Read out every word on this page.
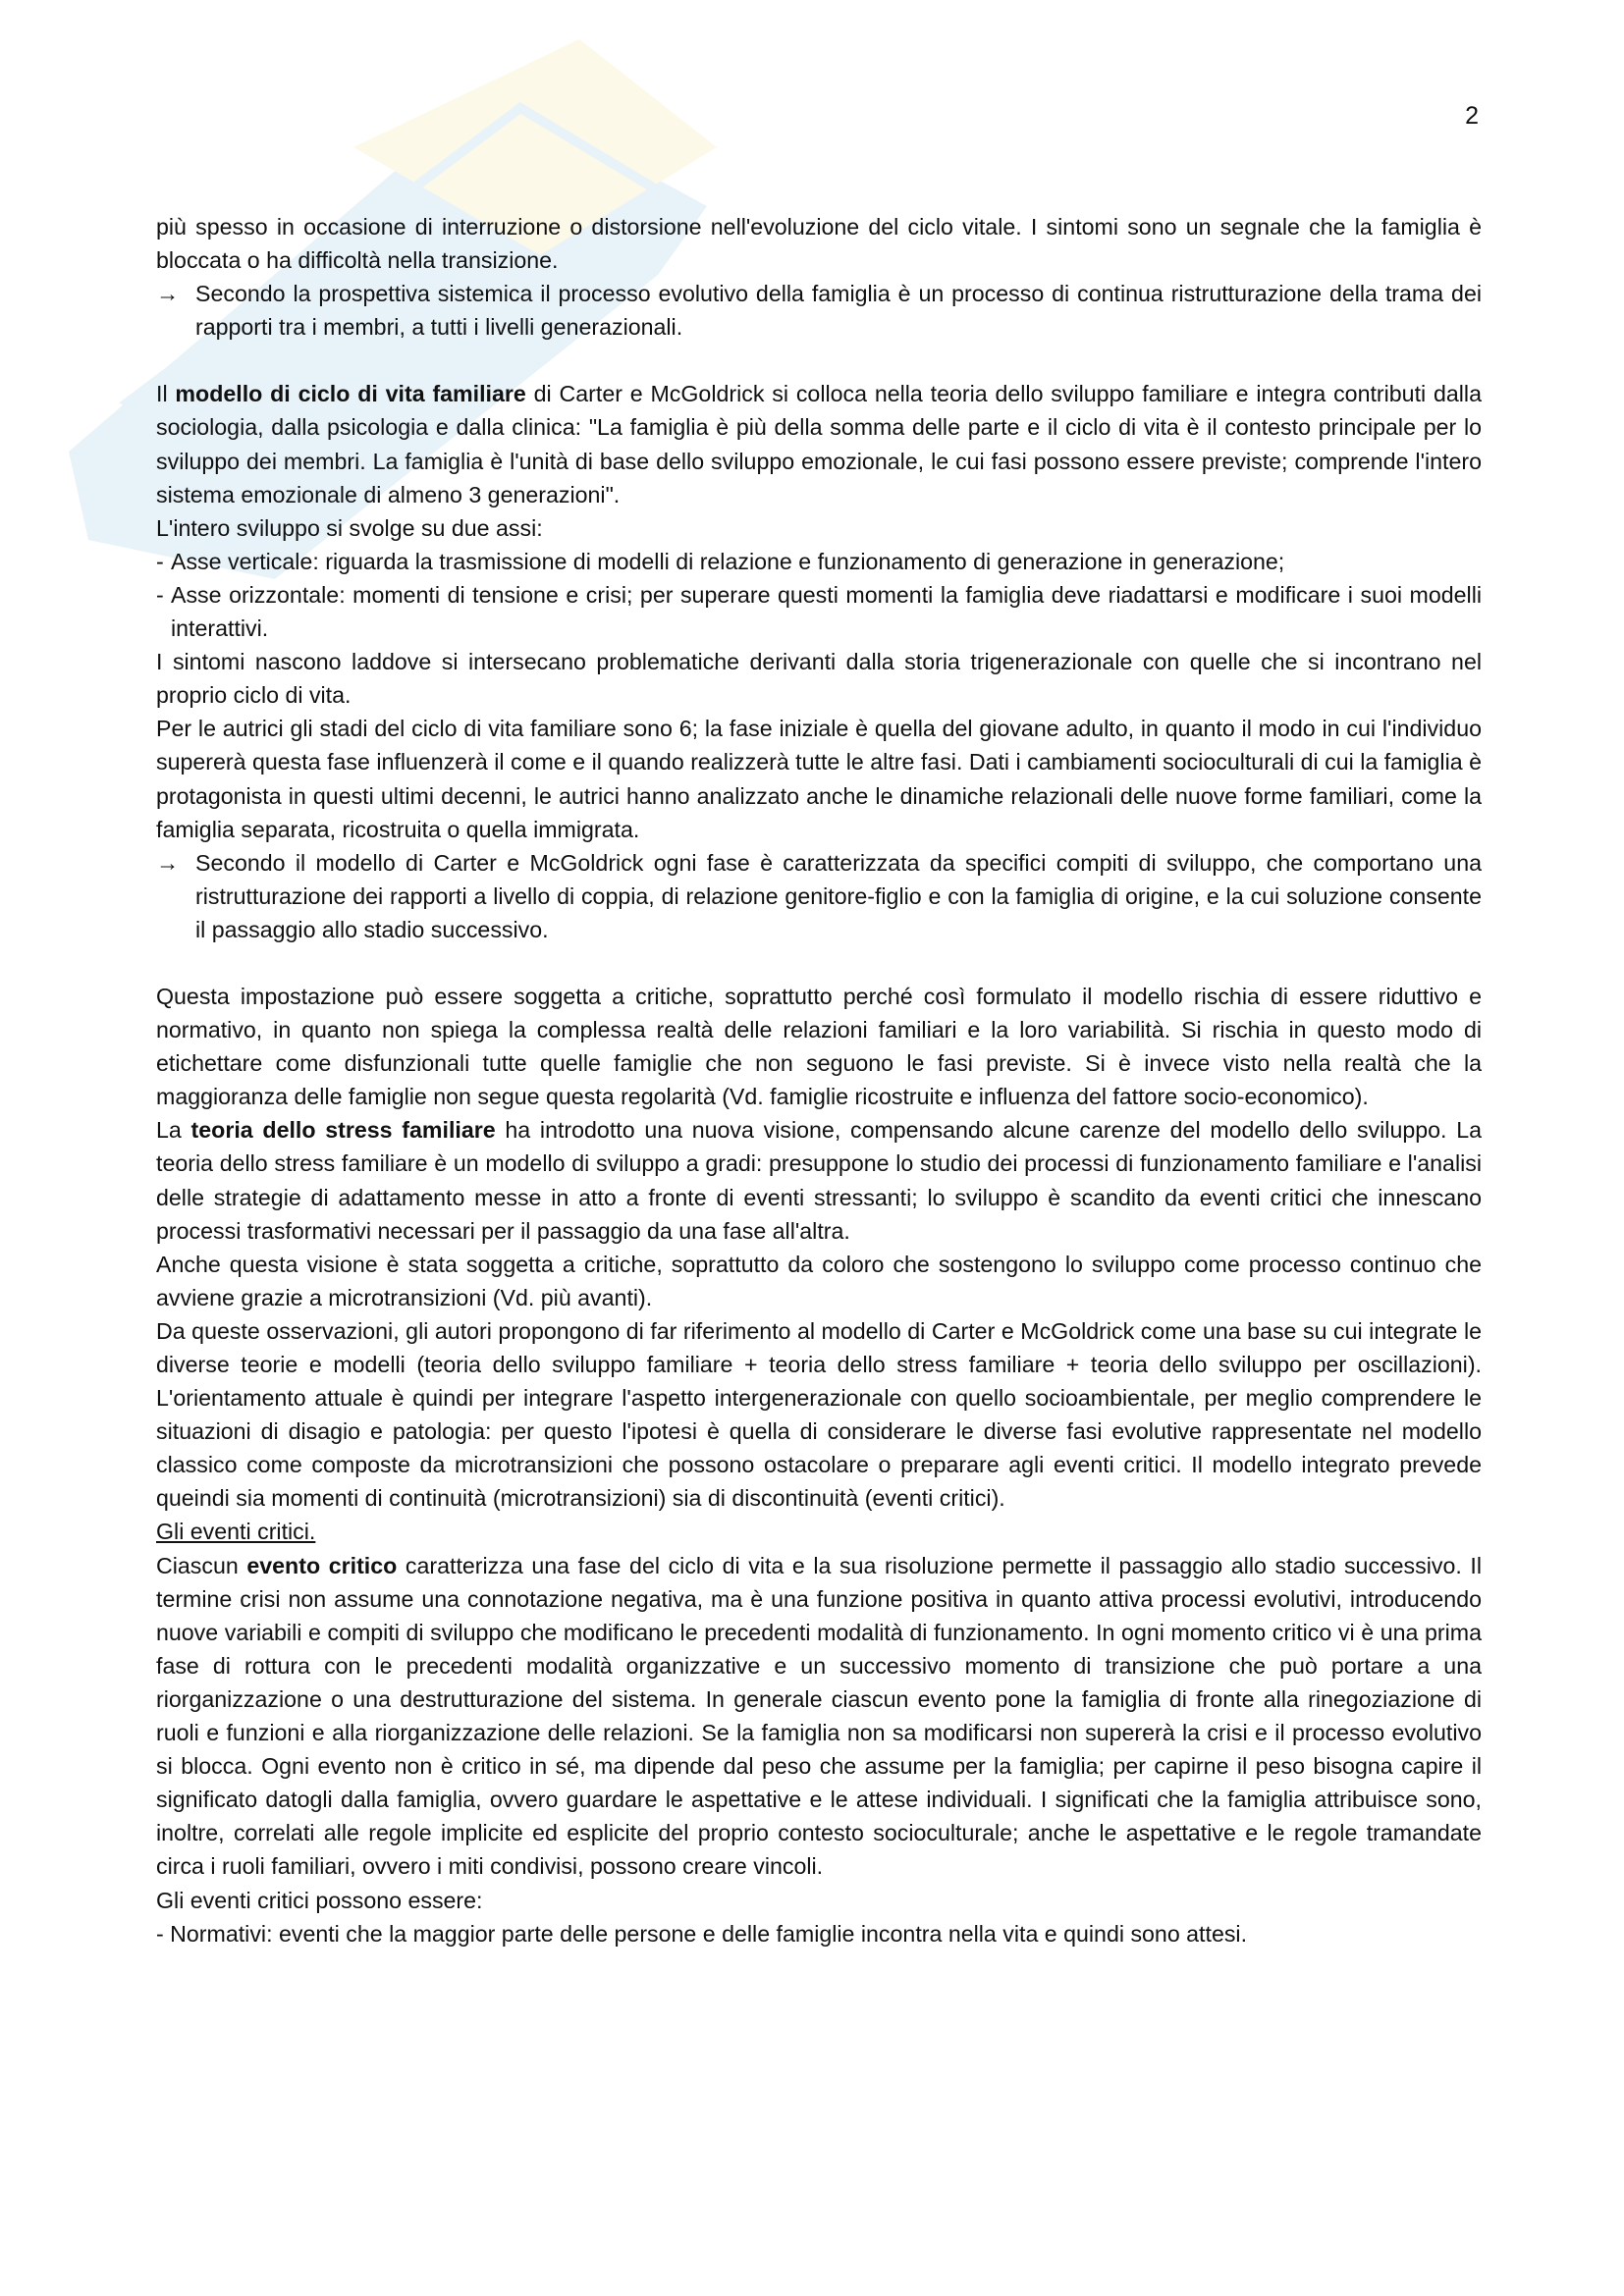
2

più spesso in occasione di interruzione o distorsione nell'evoluzione del ciclo vitale. I sintomi sono un segnale che la famiglia è bloccata o ha difficoltà nella transizione.

→ Secondo la prospettiva sistemica il processo evolutivo della famiglia è un processo di continua ristrutturazione della trama dei rapporti tra i membri, a tutti i livelli generazionali.

Il modello di ciclo di vita familiare di Carter e McGoldrick si colloca nella teoria dello sviluppo familiare e integra contributi dalla sociologia, dalla psicologia e dalla clinica: "La famiglia è più della somma delle parte e il ciclo di vita è il contesto principale per lo sviluppo dei membri. La famiglia è l'unità di base dello sviluppo emozionale, le cui fasi possono essere previste; comprende l'intero sistema emozionale di almeno 3 generazioni".

L'intero sviluppo si svolge su due assi:

- Asse verticale: riguarda la trasmissione di modelli di relazione e funzionamento di generazione in generazione;
- Asse orizzontale: momenti di tensione e crisi; per superare questi momenti la famiglia deve riadattarsi e modificare i suoi modelli interattivi.

I sintomi nascono laddove si intersecano problematiche derivanti dalla storia trigenerazionale con quelle che si incontrano nel proprio ciclo di vita.

Per le autrici gli stadi del ciclo di vita familiare sono 6; la fase iniziale è quella del giovane adulto, in quanto il modo in cui l'individuo supererà questa fase influenzerà il come e il quando realizzerà tutte le altre fasi. Dati i cambiamenti socioculturali di cui la famiglia è protagonista in questi ultimi decenni, le autrici hanno analizzato anche le dinamiche relazionali delle nuove forme familiari, come la famiglia separata, ricostruita o quella immigrata.

→ Secondo il modello di Carter e McGoldrick ogni fase è caratterizzata da specifici compiti di sviluppo, che comportano una ristrutturazione dei rapporti a livello di coppia, di relazione genitore-figlio e con la famiglia di origine, e la cui soluzione consente il passaggio allo stadio successivo.

Questa impostazione può essere soggetta a critiche, soprattutto perché così formulato il modello rischia di essere riduttivo e normativo, in quanto non spiega la complessa realtà delle relazioni familiari e la loro variabilità. Si rischia in questo modo di etichettare come disfunzionali tutte quelle famiglie che non seguono le fasi previste. Si è invece visto nella realtà che la maggioranza delle famiglie non segue questa regolarità (Vd. famiglie ricostruite e influenza del fattore socio-economico).

La teoria dello stress familiare ha introdotto una nuova visione, compensando alcune carenze del modello dello sviluppo. La teoria dello stress familiare è un modello di sviluppo a gradi: presuppone lo studio dei processi di funzionamento familiare e l'analisi delle strategie di adattamento messe in atto a fronte di eventi stressanti; lo sviluppo è scandito da eventi critici che innescano processi trasformativi necessari per il passaggio da una fase all'altra.

Anche questa visione è stata soggetta a critiche, soprattutto da coloro che sostengono lo sviluppo come processo continuo che avviene grazie a microtransizioni (Vd. più avanti).

Da queste osservazioni, gli autori propongono di far riferimento al modello di Carter e McGoldrick come una base su cui integrate le diverse teorie e modelli (teoria dello sviluppo familiare + teoria dello stress familiare + teoria dello sviluppo per oscillazioni). L'orientamento attuale è quindi per integrare l'aspetto intergenerazionale con quello socioambientale, per meglio comprendere le situazioni di disagio e patologia: per questo l'ipotesi è quella di considerare le diverse fasi evolutive rappresentate nel modello classico come composte da microtransizioni che possono ostacolare o preparare agli eventi critici. Il modello integrato prevede queindi sia momenti di continuità (microtransizioni) sia di discontinuità (eventi critici).

Gli eventi critici.

Ciascun evento critico caratterizza una fase del ciclo di vita e la sua risoluzione permette il passaggio allo stadio successivo. Il termine crisi non assume una connotazione negativa, ma è una funzione positiva in quanto attiva processi evolutivi, introducendo nuove variabili e compiti di sviluppo che modificano le precedenti modalità di funzionamento. In ogni momento critico vi è una prima fase di rottura con le precedenti modalità organizzative e un successivo momento di transizione che può portare a una riorganizzazione o una destrutturazione del sistema. In generale ciascun evento pone la famiglia di fronte alla rinegoziazione di ruoli e funzioni e alla riorganizzazione delle relazioni. Se la famiglia non sa modificarsi non supererà la crisi e il processo evolutivo si blocca. Ogni evento non è critico in sé, ma dipende dal peso che assume per la famiglia; per capirne il peso bisogna capire il significato datogli dalla famiglia, ovvero guardare le aspettative e le attese individuali. I significati che la famiglia attribuisce sono, inoltre, correlati alle regole implicite ed esplicite del proprio contesto socioculturale; anche le aspettative e le regole tramandate circa i ruoli familiari, ovvero i miti condivisi, possono creare vincoli.

Gli eventi critici possono essere:

- Normativi: eventi che la maggior parte delle persone e delle famiglie incontra nella vita e quindi sono attesi.
